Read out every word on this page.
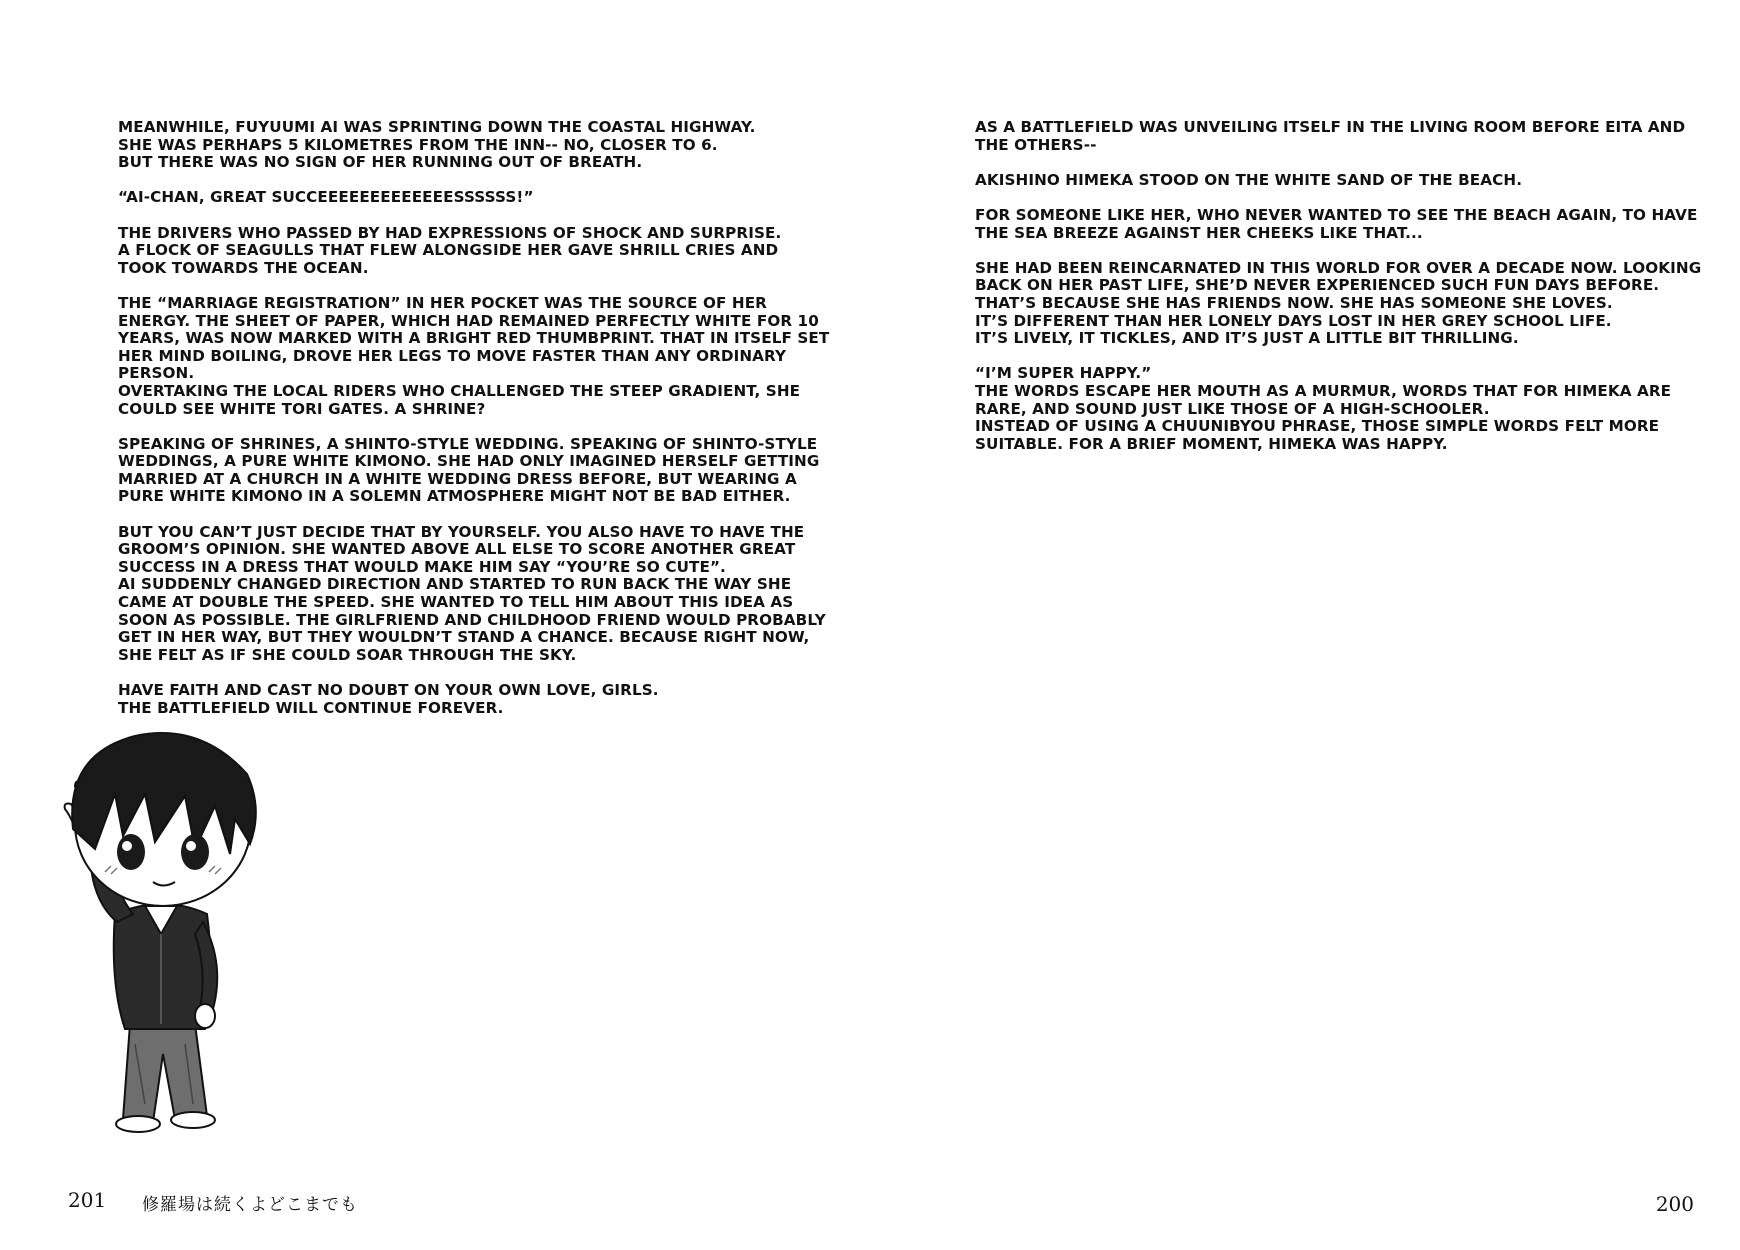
MEANWHILE, FUYUUMI AI WAS SPRINTING DOWN THE COASTAL HIGHWAY.
SHE WAS PERHAPS 5 KILOMETRES FROM THE INN-- NO, CLOSER TO 6.
BUT THERE WAS NO SIGN OF HER RUNNING OUT OF BREATH.
“AI-CHAN, GREAT SUCCEEEEEEEEEEEEESSSSSS!”
THE DRIVERS WHO PASSED BY HAD EXPRESSIONS OF SHOCK AND SURPRISE.
A FLOCK OF SEAGULLS THAT FLEW ALONGSIDE HER GAVE SHRILL CRIES AND
TOOK TOWARDS THE OCEAN.
THE “MARRIAGE REGISTRATION” IN HER POCKET WAS THE SOURCE OF HER
ENERGY. THE SHEET OF PAPER, WHICH HAD REMAINED PERFECTLY WHITE FOR 10
YEARS, WAS NOW MARKED WITH A BRIGHT RED THUMBPRINT. THAT IN ITSELF SET
HER MIND BOILING, DROVE HER LEGS TO MOVE FASTER THAN ANY ORDINARY
PERSON.
OVERTAKING THE LOCAL RIDERS WHO CHALLENGED THE STEEP GRADIENT, SHE
COULD SEE WHITE TORI GATES. A SHRINE?
SPEAKING OF SHRINES, A SHINTO-STYLE WEDDING. SPEAKING OF SHINTO-STYLE
WEDDINGS, A PURE WHITE KIMONO. SHE HAD ONLY IMAGINED HERSELF GETTING
MARRIED AT A CHURCH IN A WHITE WEDDING DRESS BEFORE, BUT WEARING A
PURE WHITE KIMONO IN A SOLEMN ATMOSPHERE MIGHT NOT BE BAD EITHER.
BUT YOU CAN’T JUST DECIDE THAT BY YOURSELF. YOU ALSO HAVE TO HAVE THE
GROOM’S OPINION. SHE WANTED ABOVE ALL ELSE TO SCORE ANOTHER GREAT
SUCCESS IN A DRESS THAT WOULD MAKE HIM SAY “YOU’RE SO CUTE”.
AI SUDDENLY CHANGED DIRECTION AND STARTED TO RUN BACK THE WAY SHE
CAME AT DOUBLE THE SPEED. SHE WANTED TO TELL HIM ABOUT THIS IDEA AS
SOON AS POSSIBLE. THE GIRLFRIEND AND CHILDHOOD FRIEND WOULD PROBABLY
GET IN HER WAY, BUT THEY WOULDN’T STAND A CHANCE. BECAUSE RIGHT NOW,
SHE FELT AS IF SHE COULD SOAR THROUGH THE SKY.
HAVE FAITH AND CAST NO DOUBT ON YOUR OWN LOVE, GIRLS.
THE BATTLEFIELD WILL CONTINUE FOREVER.
201 修羅場は続くよどこまでも
AS A BATTLEFIELD WAS UNVEILING ITSELF IN THE LIVING ROOM BEFORE EITA AND
THE OTHERS--
AKISHINO HIMEKA STOOD ON THE WHITE SAND OF THE BEACH.
FOR SOMEONE LIKE HER, WHO NEVER WANTED TO SEE THE BEACH AGAIN, TO HAVE
THE SEA BREEZE AGAINST HER CHEEKS LIKE THAT...
SHE HAD BEEN REINCARNATED IN THIS WORLD FOR OVER A DECADE NOW. LOOKING
BACK ON HER PAST LIFE, SHE’D NEVER EXPERIENCED SUCH FUN DAYS BEFORE.
THAT’S BECAUSE SHE HAS FRIENDS NOW. SHE HAS SOMEONE SHE LOVES.
IT’S DIFFERENT THAN HER LONELY DAYS LOST IN HER GREY SCHOOL LIFE.
IT’S LIVELY, IT TICKLES, AND IT’S JUST A LITTLE BIT THRILLING.
“I’M SUPER HAPPY.”
THE WORDS ESCAPE HER MOUTH AS A MURMUR, WORDS THAT FOR HIMEKA ARE
RARE, AND SOUND JUST LIKE THOSE OF A HIGH-SCHOOLER.
INSTEAD OF USING A CHUUNIBYOU PHRASE, THOSE SIMPLE WORDS FELT MORE
SUITABLE. FOR A BRIEF MOMENT, HIMEKA WAS HAPPY.
200
